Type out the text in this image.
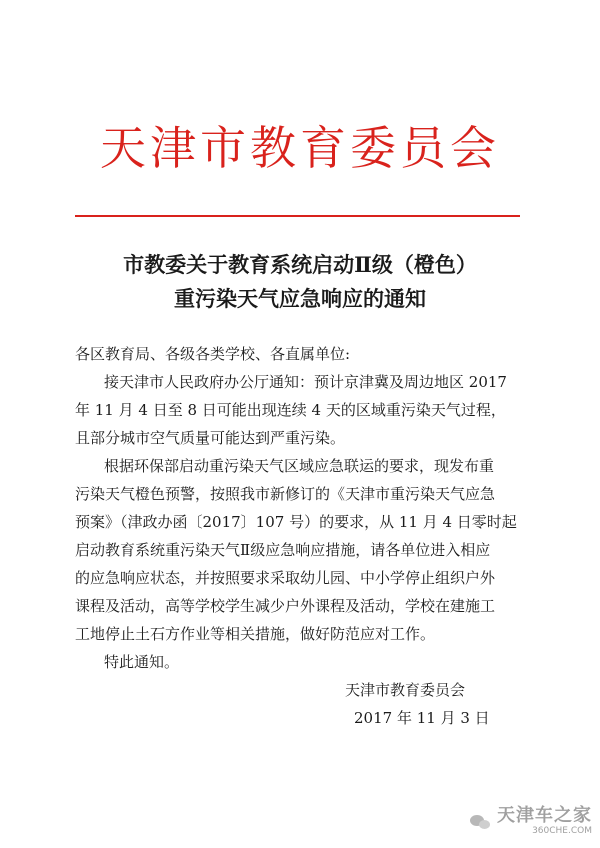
天津市教育委员会
市教委关于教育系统启动Ⅱ级（橙色）
重污染天气应急响应的通知
各区教育局、各级各类学校、各直属单位:
接天津市人民政府办公厅通知：预计京津冀及周边地区 2017
年 11 月 4 日至 8 日可能出现连续 4 天的区域重污染天气过程，
且部分城市空气质量可能达到严重污染。
根据环保部启动重污染天气区域应急联运的要求，现发布重
污染天气橙色预警，按照我市新修订的《天津市重污染天气应急
预案》（津政办函〔2017〕107 号）的要求，从 11 月 4 日零时起
启动教育系统重污染天气Ⅱ级应急响应措施，请各单位进入相应
的应急响应状态，并按照要求采取幼儿园、中小学停止组织户外
课程及活动，高等学校学生减少户外课程及活动，学校在建施工
工地停止土石方作业等相关措施，做好防范应对工作。
特此通知。
天津市教育委员会
2017 年 11 月 3 日
天津车之家
360CHE.COM
